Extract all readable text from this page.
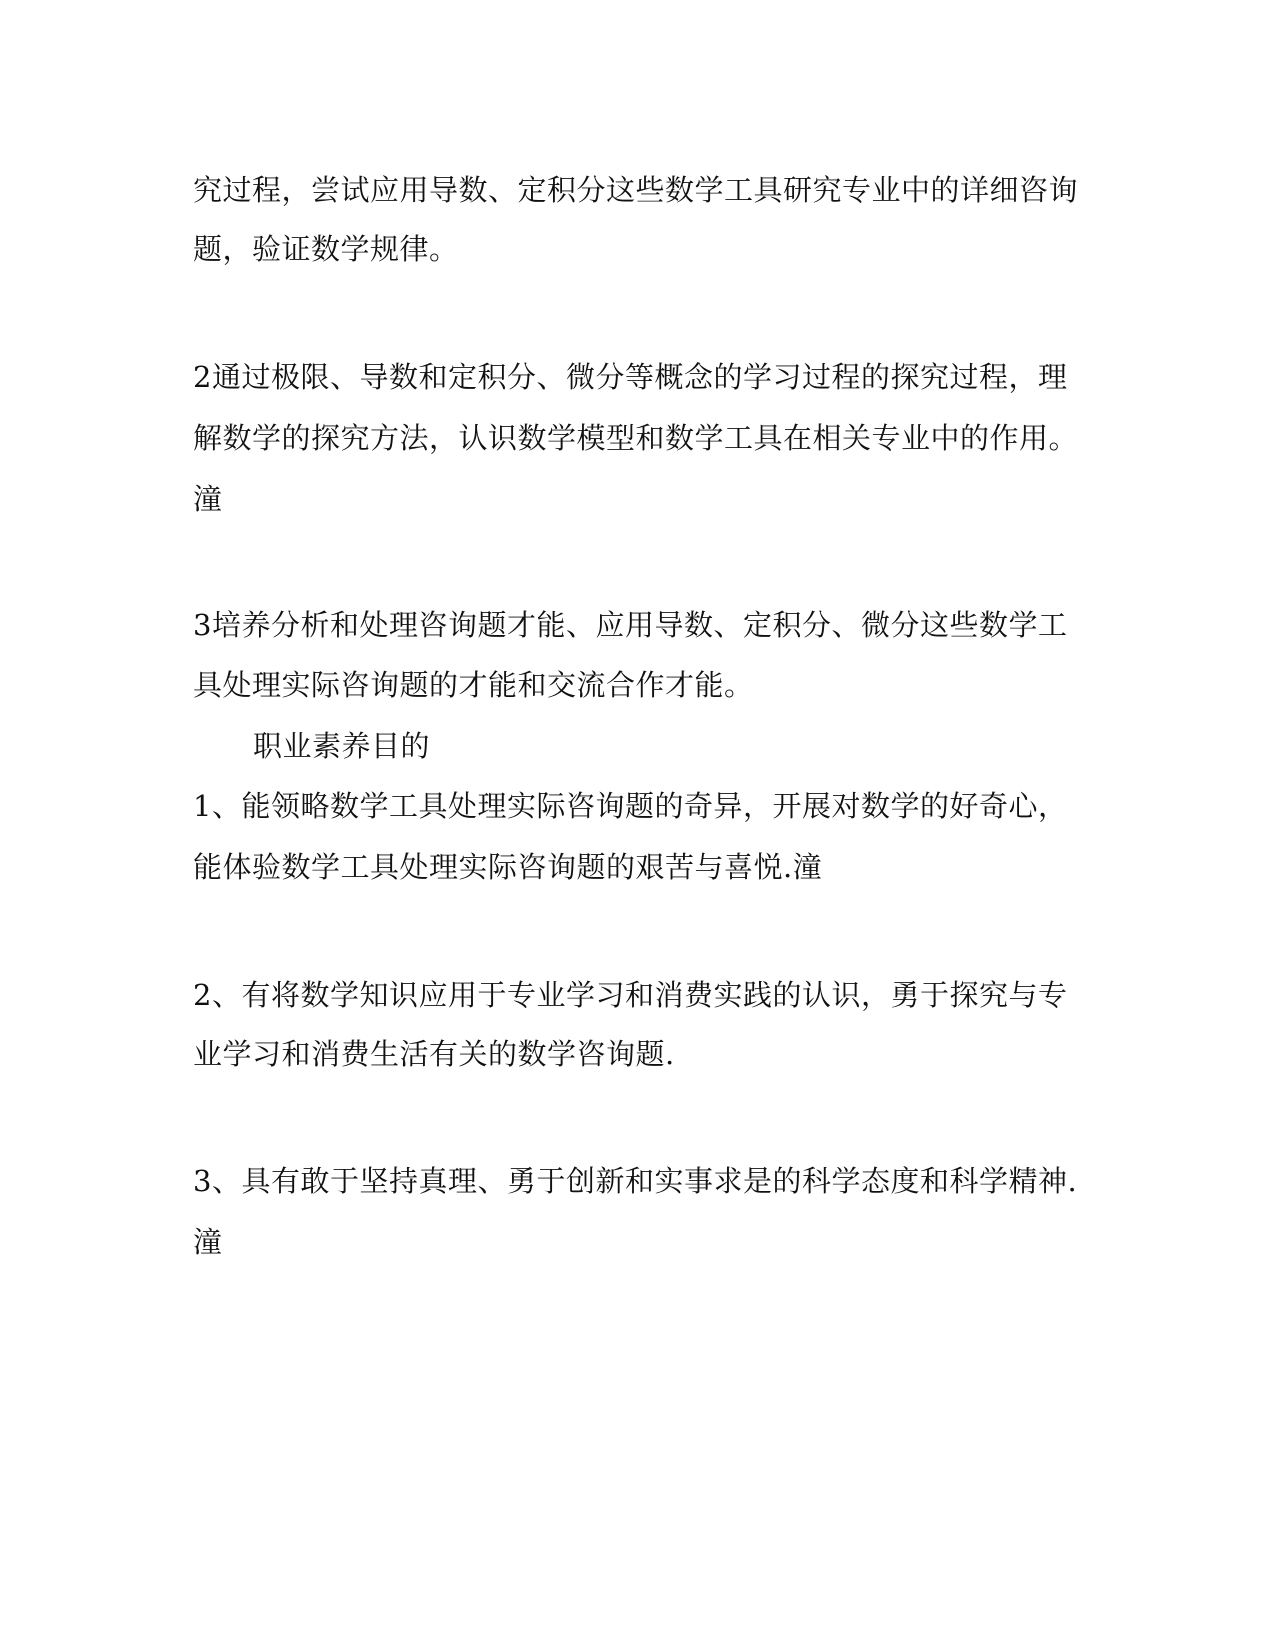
究过程，尝试应用导数、定积分这些数学工具研究专业中的详细咨询
题，验证数学规律。
2通过极限、导数和定积分、微分等概念的学习过程的探究过程，理
解数学的探究方法，认识数学模型和数学工具在相关专业中的作用。
潼
3培养分析和处理咨询题才能、应用导数、定积分、微分这些数学工
具处理实际咨询题的才能和交流合作才能。
职业素养目的
1、能领略数学工具处理实际咨询题的奇异，开展对数学的好奇心，
能体验数学工具处理实际咨询题的艰苦与喜悦.潼
2、有将数学知识应用于专业学习和消费实践的认识，勇于探究与专
业学习和消费生活有关的数学咨询题.
3、具有敢于坚持真理、勇于创新和实事求是的科学态度和科学精神.
潼
